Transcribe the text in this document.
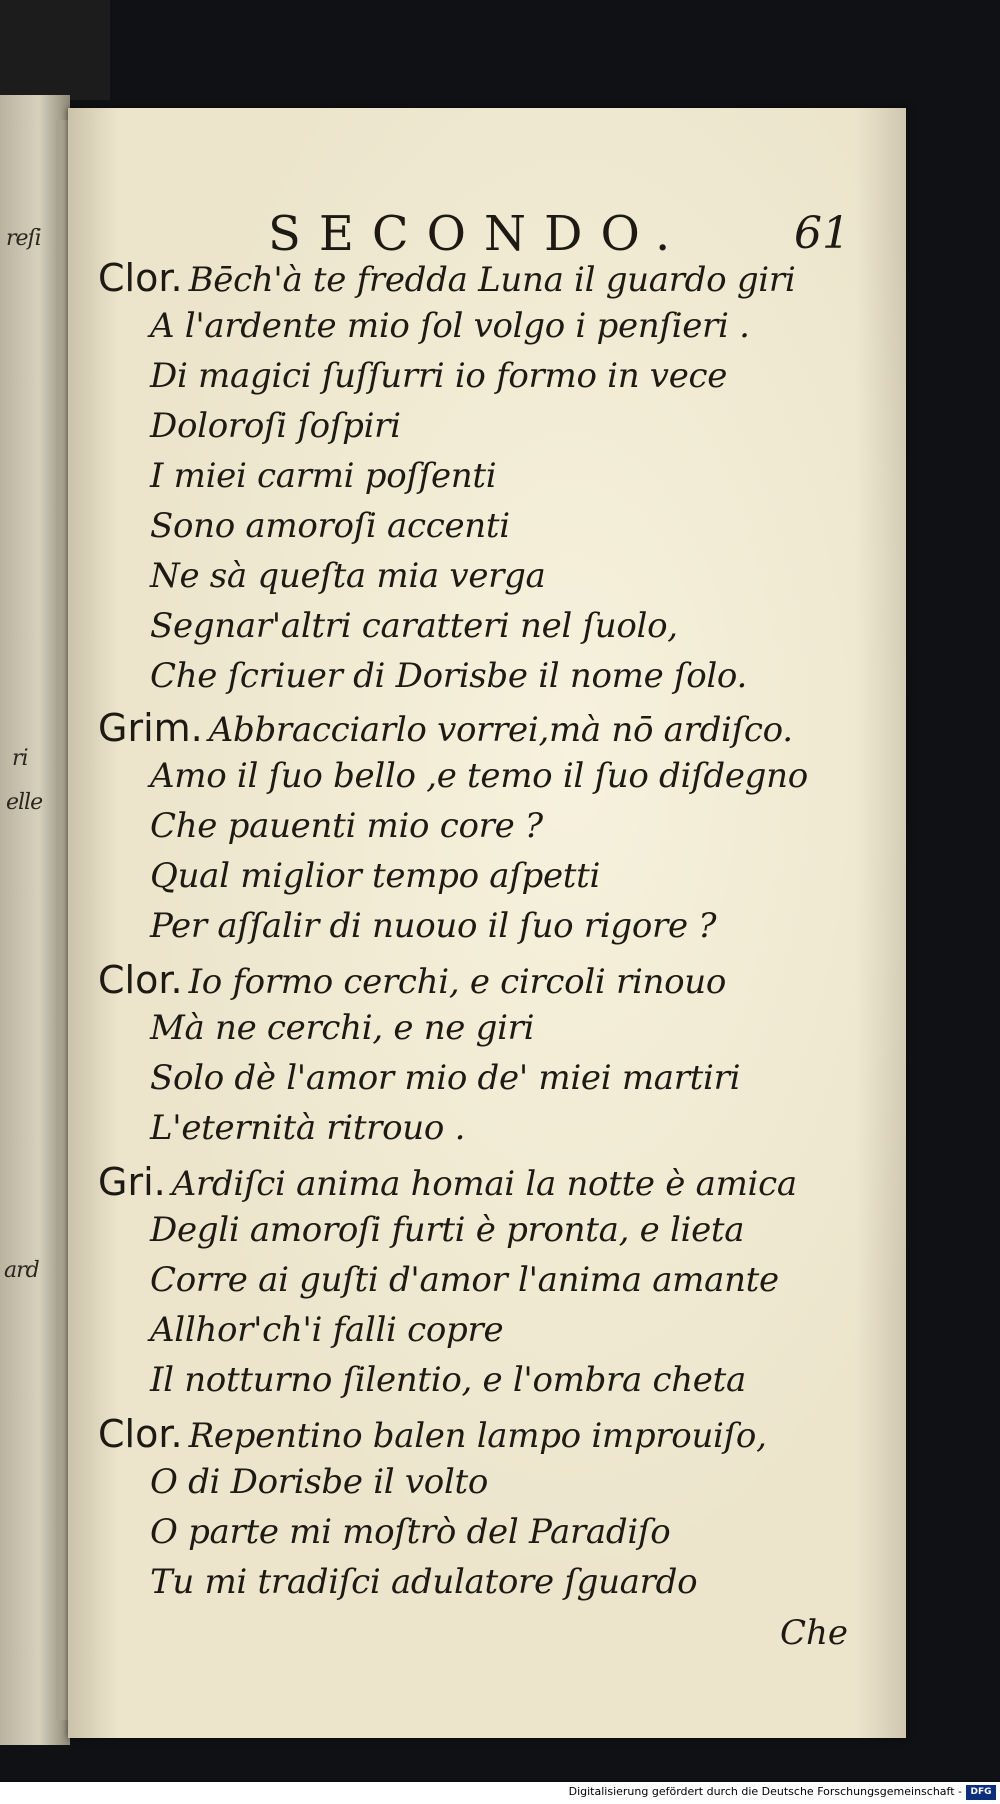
reſi
ri
elle
ard
SECONDO. 61
Clor. Bēch'à te fredda Luna il guardo giri
A l'ardente mio ſol volgo i penſieri .
Di magici ſuſſurri io formo in vece
Doloroſi ſoſpiri
I miei carmi poſſenti
Sono amoroſi accenti
Ne sà queſta mia verga
Segnar'altri caratteri nel ſuolo,
Che ſcriuer di Dorisbe il nome ſolo.
Grim. Abbracciarlo vorrei,mà nō ardiſco.
Amo il ſuo bello ,e temo il ſuo diſdegno
Che pauenti mio core ?
Qual miglior tempo aſpetti
Per aſſalir di nuouo il ſuo rigore ?
Clor. Io formo cerchi, e circoli rinouo
Mà ne cerchi, e ne giri
Solo dè l'amor mio de' miei martiri
L'eternità ritrouo .
Gri. Ardiſci anima homai la notte è amica
Degli amoroſi furti è pronta, e lieta
Corre ai guſti d'amor l'anima amante
Allhor'ch'i falli copre
Il notturno ſilentio, e l'ombra cheta
Clor. Repentino balen lampo improuiſo,
O di Dorisbe il volto
O parte mi moſtrò del Paradiſo
Tu mi tradiſci adulatore ſguardo
Che
Digitalisierung gefördert durch die Deutsche Forschungsgemeinschaft - DFG
